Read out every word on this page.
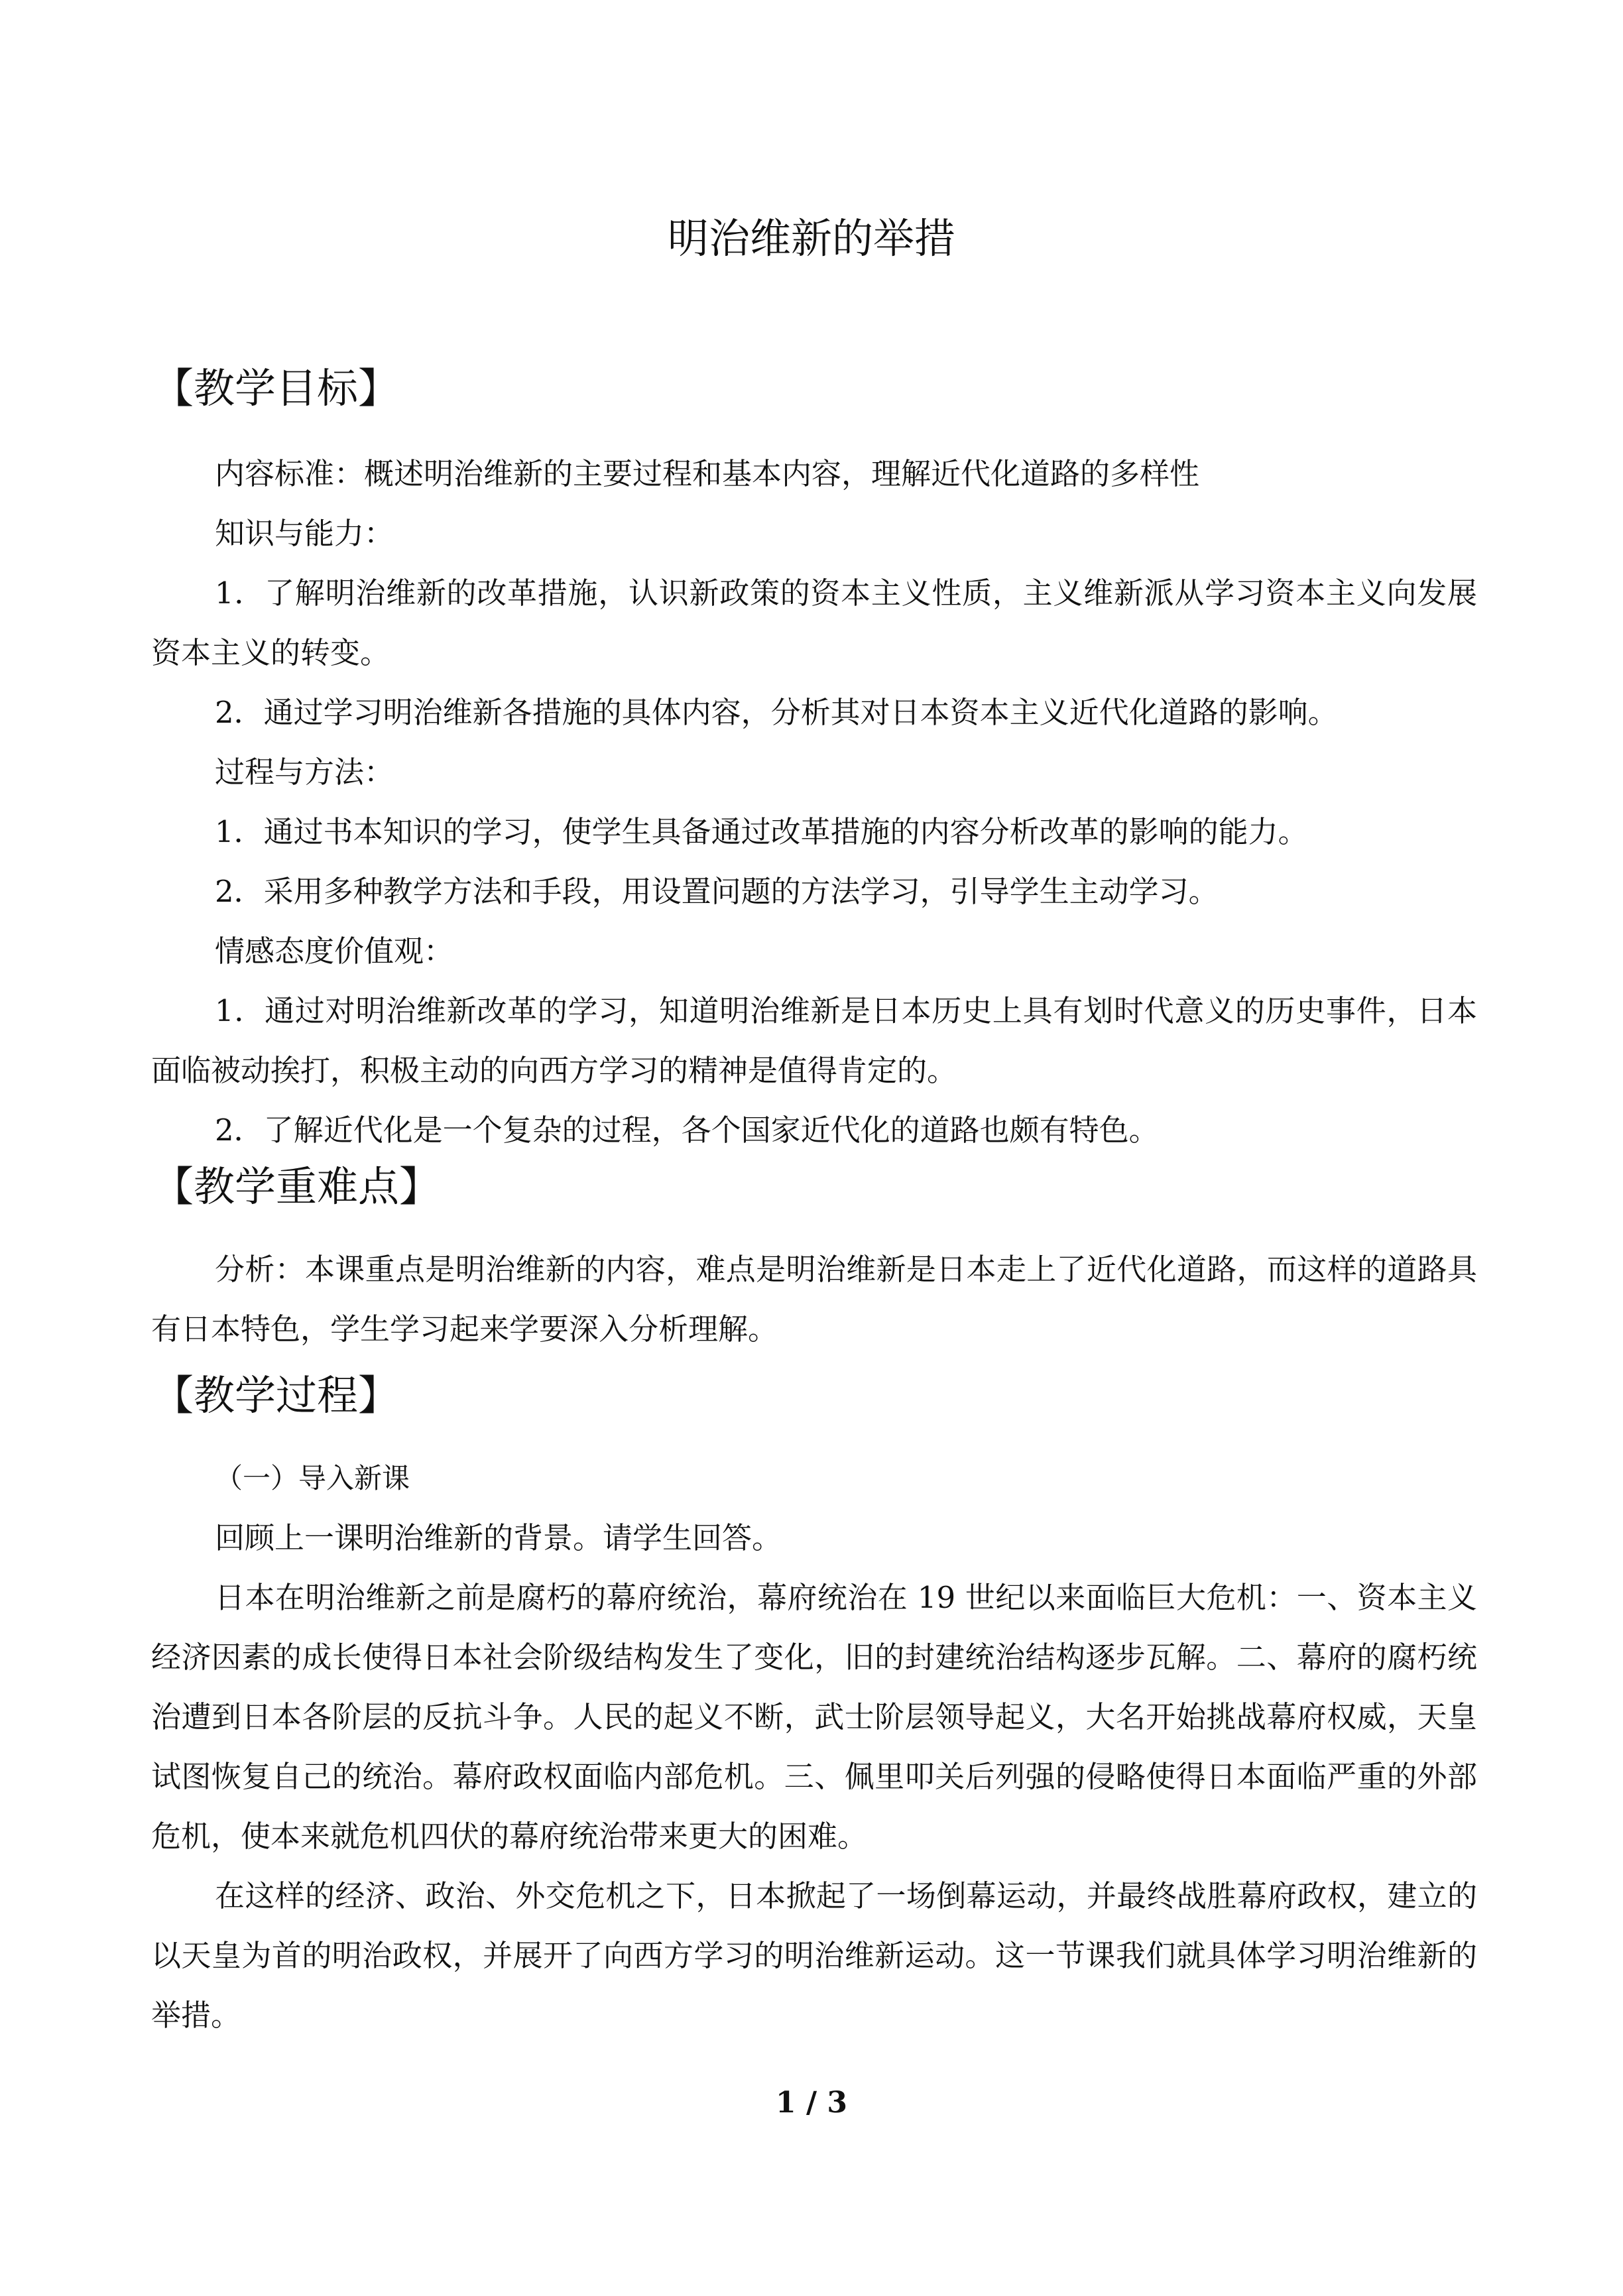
明治维新的举措
【教学目标】
内容标准：概述明治维新的主要过程和基本内容，理解近代化道路的多样性
知识与能力：
1．了解明治维新的改革措施，认识新政策的资本主义性质，主义维新派从学习资本主义向发展资本主义的转变。
2．通过学习明治维新各措施的具体内容，分析其对日本资本主义近代化道路的影响。
过程与方法：
1．通过书本知识的学习，使学生具备通过改革措施的内容分析改革的影响的能力。
2．采用多种教学方法和手段，用设置问题的方法学习，引导学生主动学习。
情感态度价值观：
1．通过对明治维新改革的学习，知道明治维新是日本历史上具有划时代意义的历史事件，日本面临被动挨打，积极主动的向西方学习的精神是值得肯定的。
2．了解近代化是一个复杂的过程，各个国家近代化的道路也颇有特色。
【教学重难点】
分析：本课重点是明治维新的内容，难点是明治维新是日本走上了近代化道路，而这样的道路具有日本特色，学生学习起来学要深入分析理解。
【教学过程】
（一）导入新课
回顾上一课明治维新的背景。请学生回答。
日本在明治维新之前是腐朽的幕府统治，幕府统治在 19 世纪以来面临巨大危机：一、资本主义经济因素的成长使得日本社会阶级结构发生了变化，旧的封建统治结构逐步瓦解。二、幕府的腐朽统治遭到日本各阶层的反抗斗争。人民的起义不断，武士阶层领导起义，大名开始挑战幕府权威，天皇试图恢复自己的统治。幕府政权面临内部危机。三、佩里叩关后列强的侵略使得日本面临严重的外部危机，使本来就危机四伏的幕府统治带来更大的困难。
在这样的经济、政治、外交危机之下，日本掀起了一场倒幕运动，并最终战胜幕府政权，建立的以天皇为首的明治政权，并展开了向西方学习的明治维新运动。这一节课我们就具体学习明治维新的举措。
1 / 3
